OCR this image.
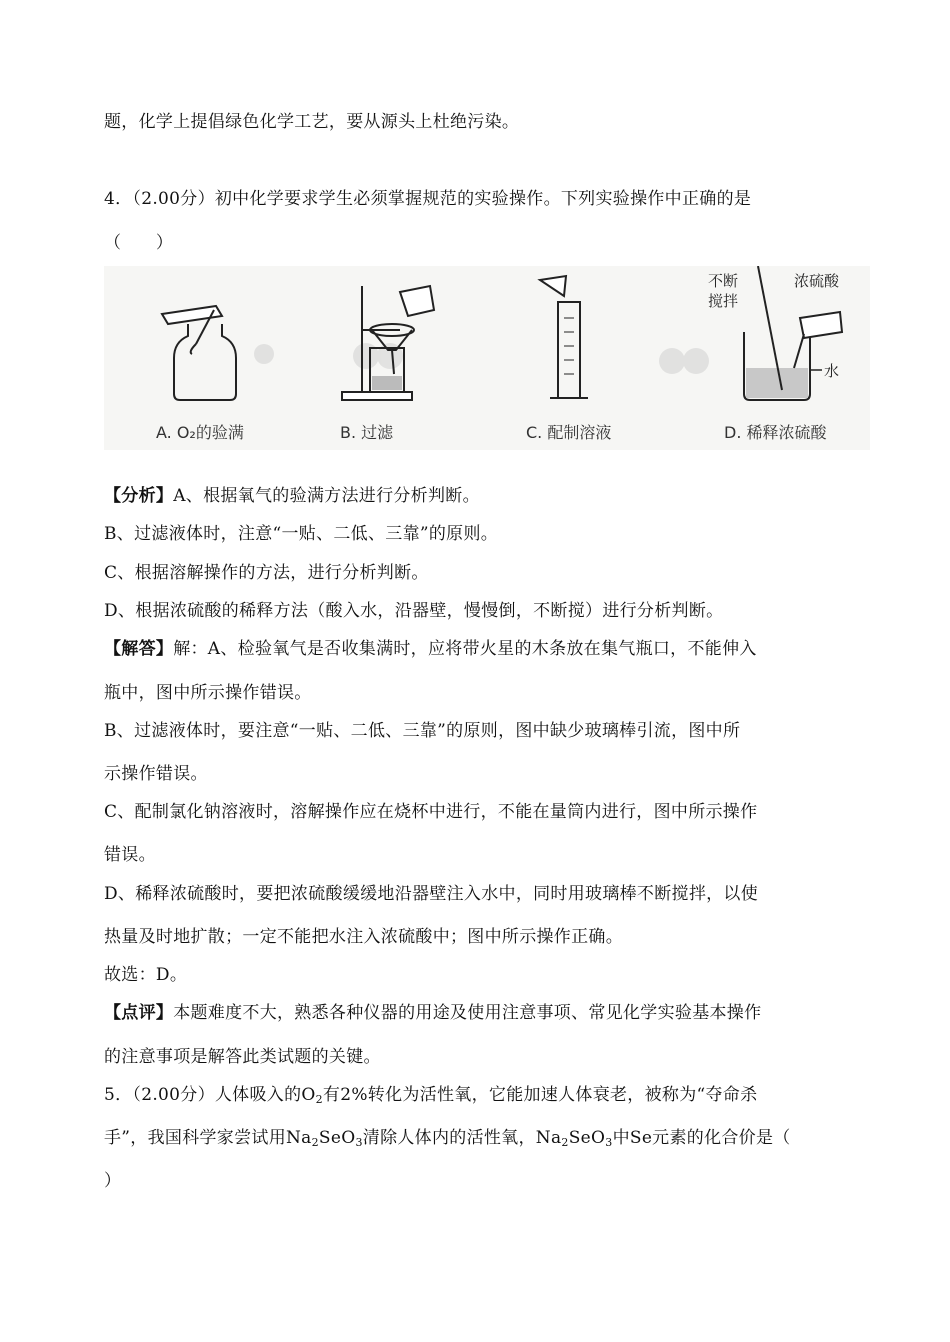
题，化学上提倡绿色化学工艺，要从源头上杜绝污染。
4．（2.00分）初中化学要求学生必须掌握规范的实验操作。下列实验操作中正确的是
（　　）
A. O₂的验满	B. 过滤	C. 配制溶液
不断
搅拌
浓硫酸
水
D. 稀释浓硫酸
【分析】A、根据氧气的验满方法进行分析判断。
B、过滤液体时，注意“一贴、二低、三靠”的原则。
C、根据溶解操作的方法，进行分析判断。
D、根据浓硫酸的稀释方法（酸入水，沿器壁，慢慢倒，不断搅）进行分析判断。
【解答】解：A、检验氧气是否收集满时，应将带火星的木条放在集气瓶口，不能伸入
瓶中，图中所示操作错误。
B、过滤液体时，要注意“一贴、二低、三靠”的原则，图中缺少玻璃棒引流，图中所
示操作错误。
C、配制氯化钠溶液时，溶解操作应在烧杯中进行，不能在量筒内进行，图中所示操作
错误。
D、稀释浓硫酸时，要把浓硫酸缓缓地沿器壁注入水中，同时用玻璃棒不断搅拌，以使
热量及时地扩散；一定不能把水注入浓硫酸中；图中所示操作正确。
故选：D。
【点评】本题难度不大，熟悉各种仪器的用途及使用注意事项、常见化学实验基本操作
的注意事项是解答此类试题的关键。
5．（2.00分）人体吸入的$O_2$有2%转化为活性氧，它能加速人体衰老，被称为“夺命杀
手”，我国科学家尝试用$Na_2SeO_3$清除人体内的活性氧，$Na_2SeO_3$中Se元素的化合价是（
）
